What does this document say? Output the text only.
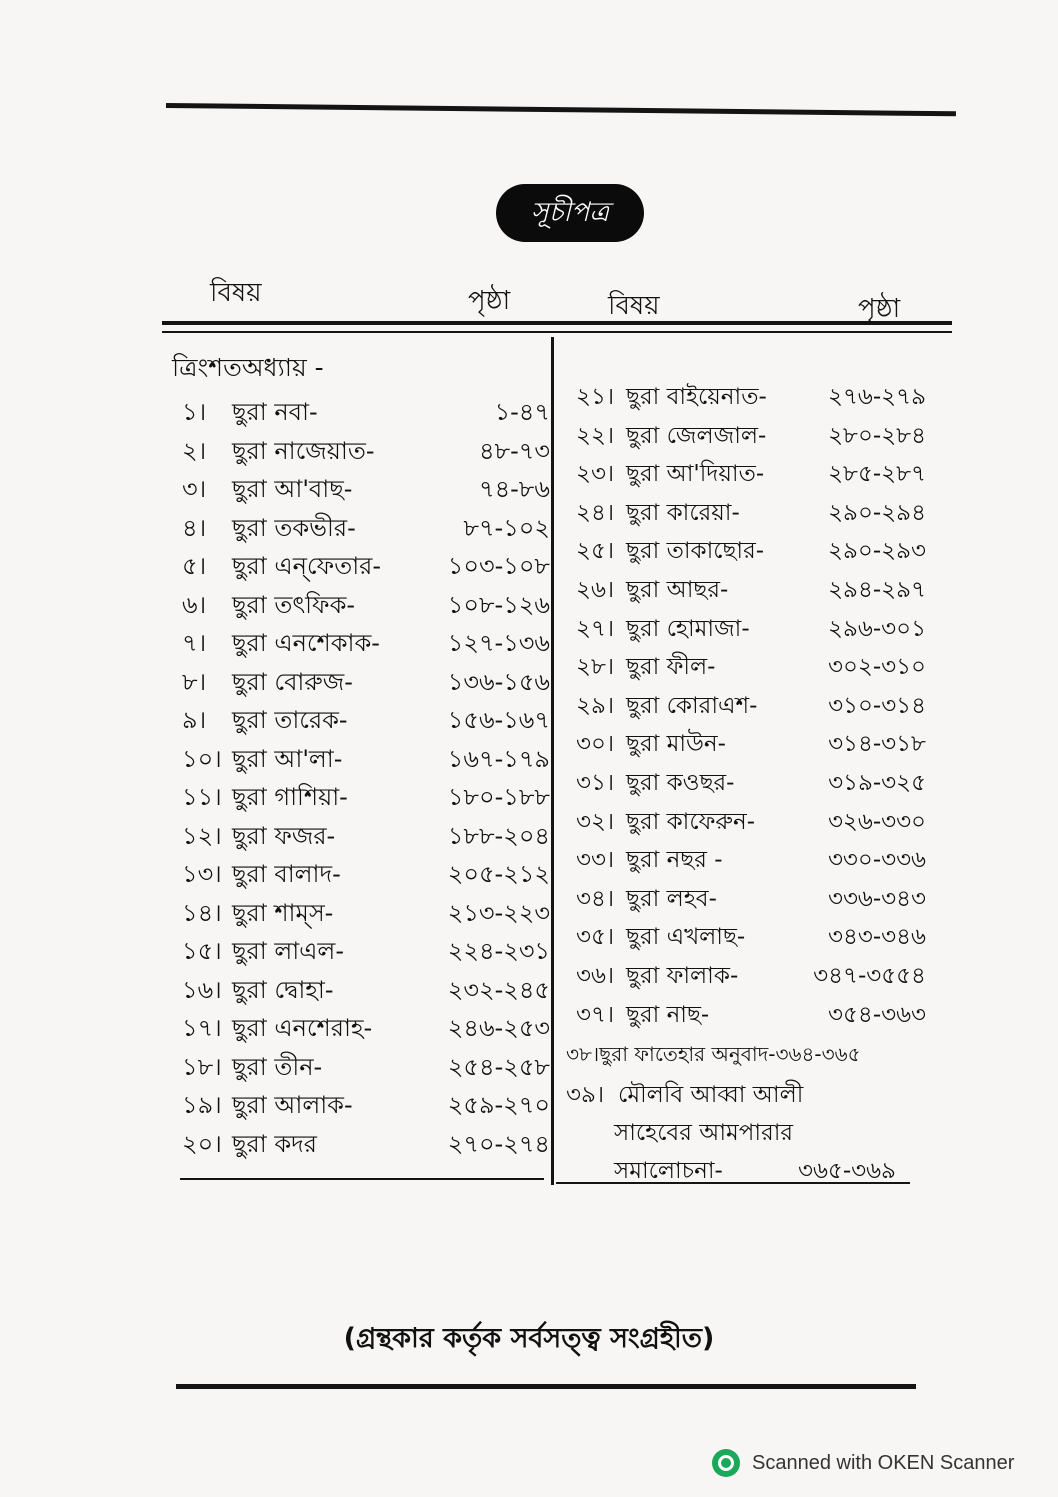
সূচীপত্র
বিষয়	পৃষ্ঠা	বিষয়	পৃষ্ঠা
ত্রিংশতঅধ্যায় -
১। ছুরা নবা-	১-৪৭
২। ছুরা নাজেয়াত-	৪৮-৭৩
৩। ছুরা আ'বাছ-	৭৪-৮৬
৪। ছুরা তকভীর-	৮৭-১০২
৫। ছুরা এন্‌ফেতার-	১০৩-১০৮
৬। ছুরা তৎফিক-	১০৮-১২৬
৭। ছুরা এনশেকাক-	১২৭-১৩৬
৮। ছুরা বোরুজ-	১৩৬-১৫৬
৯। ছুরা তারেক-	১৫৬-১৬৭
১০। ছুরা আ'লা-	১৬৭-১৭৯
১১। ছুরা গাশিয়া-	১৮০-১৮৮
১২। ছুরা ফজর-	১৮৮-২০৪
১৩। ছুরা বালাদ-	২০৫-২১২
১৪। ছুরা শাম্‌স-	২১৩-২২৩
১৫। ছুরা লাএল-	২২৪-২৩১
১৬। ছুরা দ্বোহা-	২৩২-২৪৫
১৭। ছুরা এনশেরাহ-	২৪৬-২৫৩
১৮। ছুরা তীন-	২৫৪-২৫৮
১৯। ছুরা আলাক-	২৫৯-২৭০
২০। ছুরা কদর	২৭০-২৭৪
২১। ছুরা বাইয়েনাত-	২৭৬-২৭৯
২২। ছুরা জেলজাল-	২৮০-২৮৪
২৩। ছুরা আ'দিয়াত-	২৮৫-২৮৭
২৪। ছুরা কারেয়া-	২৯০-২৯৪
২৫। ছুরা তাকাছোর-	২৯০-২৯৩
২৬। ছুরা আছর-	২৯৪-২৯৭
২৭। ছুরা হোমাজা-	২৯৬-৩০১
২৮। ছুরা ফীল-	৩০২-৩১০
২৯। ছুরা কোরাএশ-	৩১০-৩১৪
৩০। ছুরা মাউন-	৩১৪-৩১৮
৩১। ছুরা কওছর-	৩১৯-৩২৫
৩২। ছুরা কাফেরুন-	৩২৬-৩৩০
৩৩। ছুরা নছর -	৩৩০-৩৩৬
৩৪। ছুরা লহব-	৩৩৬-৩৪৩
৩৫। ছুরা এখলাছ-	৩৪৩-৩৪৬
৩৬। ছুরা ফালাক-	৩৪৭-৩৫৫৪
৩৭। ছুরা নাছ-	৩৫৪-৩৬৩
৩৮।ছুরা ফাতেহার অনুবাদ-৩৬৪-৩৬৫
৩৯। মৌলবি আব্বা আলী
সাহেবের আমপারার
সমালোচনা-	৩৬৫-৩৬৯
(গ্রন্থকার কর্তৃক সর্বসত্ত্ব সংগ্রহীত)
Scanned with OKEN Scanner
